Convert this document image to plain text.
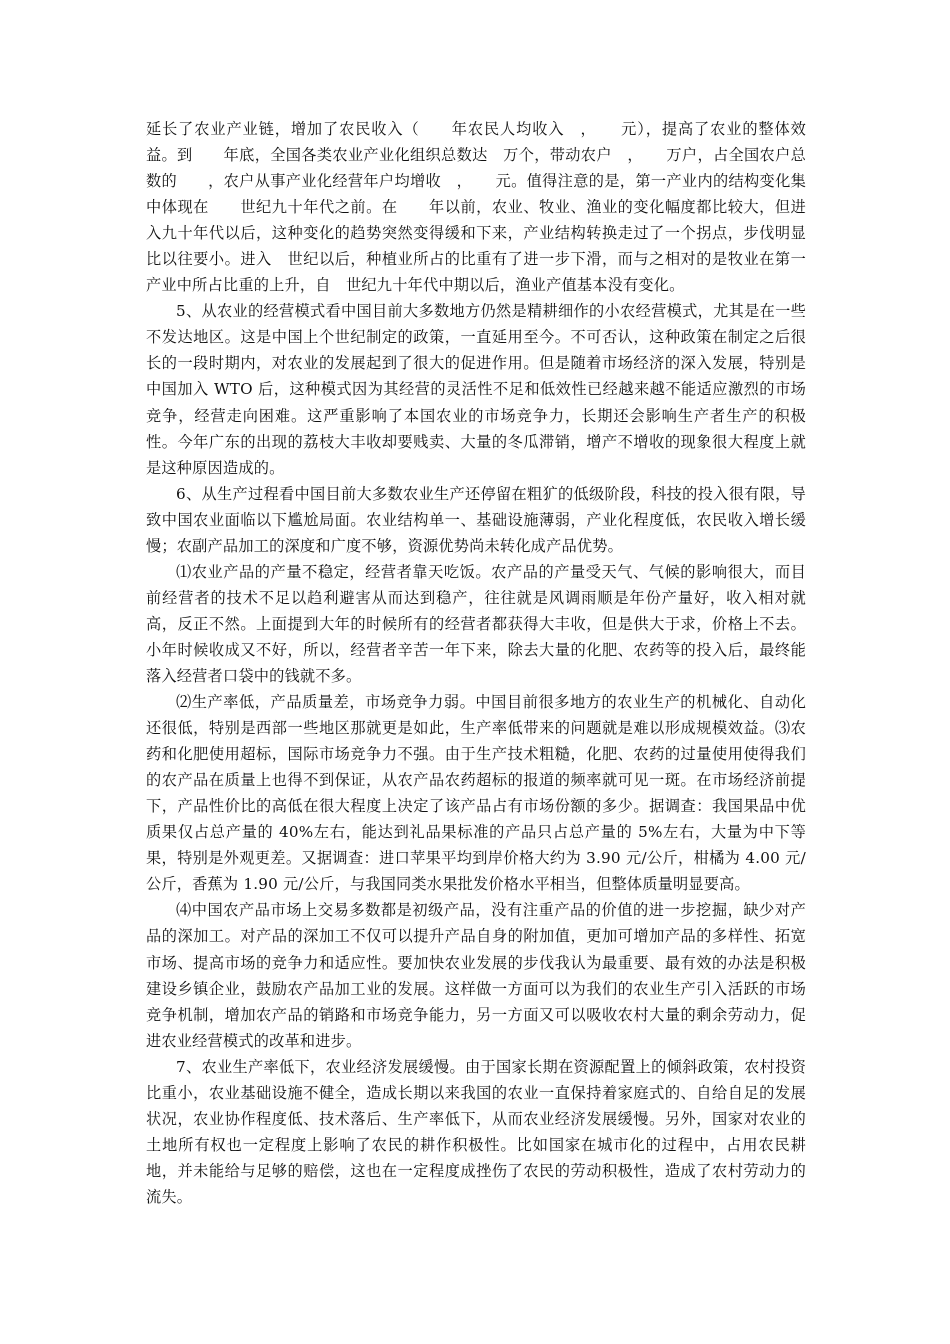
延长了农业产业链，增加了农民收入（　　年农民人均收入　，　　元），提高了农业的整体效益。到　　年底，全国各类农业产业化组织总数达　万个，带动农户　，　　万户，占全国农户总数的　　，农户从事产业化经营年户均增收　，　　元。值得注意的是，第一产业内的结构变化集中体现在　　世纪九十年代之前。在　　年以前，农业、牧业、渔业的变化幅度都比较大，但进入九十年代以后，这种变化的趋势突然变得缓和下来，产业结构转换走过了一个拐点，步伐明显比以往要小。进入　世纪以后，种植业所占的比重有了进一步下滑，而与之相对的是牧业在第一产业中所占比重的上升，自　世纪九十年代中期以后，渔业产值基本没有变化。

5、从农业的经营模式看中国目前大多数地方仍然是精耕细作的小农经营模式，尤其是在一些不发达地区。这是中国上个世纪制定的政策，一直延用至今。不可否认，这种政策在制定之后很长的一段时期内，对农业的发展起到了很大的促进作用。但是随着市场经济的深入发展，特别是中国加入 WTO 后，这种模式因为其经营的灵活性不足和低效性已经越来越不能适应激烈的市场竞争，经营走向困难。这严重影响了本国农业的市场竞争力，长期还会影响生产者生产的积极性。今年广东的出现的荔枝大丰收却要贱卖、大量的冬瓜滞销，增产不增收的现象很大程度上就是这种原因造成的。

6、从生产过程看中国目前大多数农业生产还停留在粗犷的低级阶段，科技的投入很有限，导致中国农业面临以下尴尬局面。农业结构单一、基础设施薄弱，产业化程度低，农民收入增长缓慢；农副产品加工的深度和广度不够，资源优势尚未转化成产品优势。

⑴农业产品的产量不稳定，经营者靠天吃饭。农产品的产量受天气、气候的影响很大，而目前经营者的技术不足以趋利避害从而达到稳产，往往就是风调雨顺是年份产量好，收入相对就高，反正不然。上面提到大年的时候所有的经营者都获得大丰收，但是供大于求，价格上不去。小年时候收成又不好，所以，经营者辛苦一年下来，除去大量的化肥、农药等的投入后，最终能落入经营者口袋中的钱就不多。

⑵生产率低，产品质量差，市场竞争力弱。中国目前很多地方的农业生产的机械化、自动化还很低，特别是西部一些地区那就更是如此，生产率低带来的问题就是难以形成规模效益。⑶农药和化肥使用超标，国际市场竞争力不强。由于生产技术粗糙，化肥、农药的过量使用使得我们的农产品在质量上也得不到保证，从农产品农药超标的报道的频率就可见一斑。在市场经济前提下，产品性价比的高低在很大程度上决定了该产品占有市场份额的多少。据调查：我国果品中优质果仅占总产量的 40%左右，能达到礼品果标准的产品只占总产量的 5%左右，大量为中下等果，特别是外观更差。又据调查：进口苹果平均到岸价格大约为 3.90 元/公斤，柑橘为 4.00 元/公斤，香蕉为 1.90 元/公斤，与我国同类水果批发价格水平相当，但整体质量明显要高。

⑷中国农产品市场上交易多数都是初级产品，没有注重产品的价值的进一步挖掘，缺少对产品的深加工。对产品的深加工不仅可以提升产品自身的附加值，更加可增加产品的多样性、拓宽市场、提高市场的竞争力和适应性。要加快农业发展的步伐我认为最重要、最有效的办法是积极建设乡镇企业，鼓励农产品加工业的发展。这样做一方面可以为我们的农业生产引入活跃的市场竞争机制，增加农产品的销路和市场竞争能力，另一方面又可以吸收农村大量的剩余劳动力，促进农业经营模式的改革和进步。

7、农业生产率低下，农业经济发展缓慢。由于国家长期在资源配置上的倾斜政策，农村投资比重小，农业基础设施不健全，造成长期以来我国的农业一直保持着家庭式的、自给自足的发展状况，农业协作程度低、技术落后、生产率低下，从而农业经济发展缓慢。另外，国家对农业的土地所有权也一定程度上影响了农民的耕作积极性。比如国家在城市化的过程中，占用农民耕地，并未能给与足够的赔偿，这也在一定程度成挫伤了农民的劳动积极性，造成了农村劳动力的流失。
